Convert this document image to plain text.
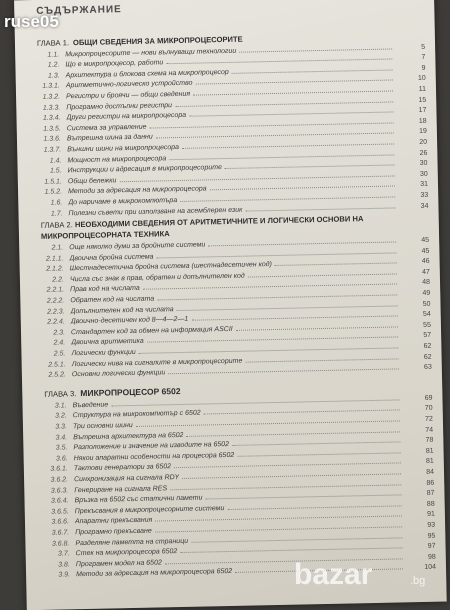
СЪДЪРЖАНИЕ
ГЛАВА 1. ОБЩИ СВЕДЕНИЯ ЗА МИКРОПРОЦЕСОРИТЕ
1.1. Микропроцесорите — нови вълнуващи технологии
5
1.2. Що е микропроцесор, работи
7
1.3. Архитектура и блокова схема на микропроцесор
9
1.3.1. Аритметично-логическо устройство
10
1.3.2. Регистри и броячи — общи сведения
11
1.3.3. Програмно достъпни регистри
15
1.3.4. Други регистри на микропроцесора
17
1.3.5. Система за управление
18
1.3.6. Вътрешна шина за данни
19
1.3.7. Външни шини на микропроцесора
20
1.4. Мощност на микропроцесора
26
1.5. Инструкции и адресация в микропроцесорите
30
1.5.1. Общи бележки
30
1.5.2. Методи за адресация на микропроцесора
31
1.6. До наричаме в микрокомпютъра
33
1.7. Полезни съвети при използване на асемблерен език
34
ГЛАВА 2. НЕОБХОДИМИ СВЕДЕНИЯ ОТ АРИТМЕТИЧНИТЕ И ЛОГИЧЕСКИ ОСНОВИ НА МИКРОПРОЦЕСОРНАТА ТЕХНИКА
2.1. Още няколко думи за бройните системи
45
2.1.1. Двоична бройна система
45
2.1.2. Шестнадесетична бройна система (шестнадесетичен код)	46
2.2. Числа със знак в прав, обратен и допълнителен код
47
2.2.1. Прав код на числата
48
2.2.2. Обратен код на числата
49
2.2.3. Допълнителен код на числата
50
2.2.4. Двоично-десетичен код 8—4—2—1
54
2.3. Стандартен код за обмен на информация ASCII
55
2.4. Двоична аритметика
57
2.5. Логически функции
62
2.5.1. Логически нива на сигналите в микропроцесорите
62
2.5.2. Основни логически функции
63
ГЛАВА 3. МИКРОПРОЦЕСОР 6502
3.1. Въведение
69
3.2. Структура на микрокомпютър с 6502
70
3.3. Три основни шини
72
3.4. Вътрешна архитектура на 6502
74
3.5. Разположение и значение на изводите на 6502
78
3.6. Някои апаратни особености на процесора 6502
81
3.6.1. Тактови генератори за 6502
81
3.6.2. Синхронизация на сигнала RDY
84
3.6.3. Генериране на сигнала RES
86
3.6.4. Връзка на 6502 със статични памети
87
3.6.5. Прекъсвания в микропроцесорните системи
88
3.6.6. Апаратни прекъсвания
91
3.6.7. Програмно прекъсване
93
3.6.8. Разделяне паметта на страници
95
3.7. Стек на микропроцесора 6502
97
3.8. Програмен модел на 6502
98
3.9. Методи за адресация на микропроцесора 6502
104
ruse05
bazar	.bg
